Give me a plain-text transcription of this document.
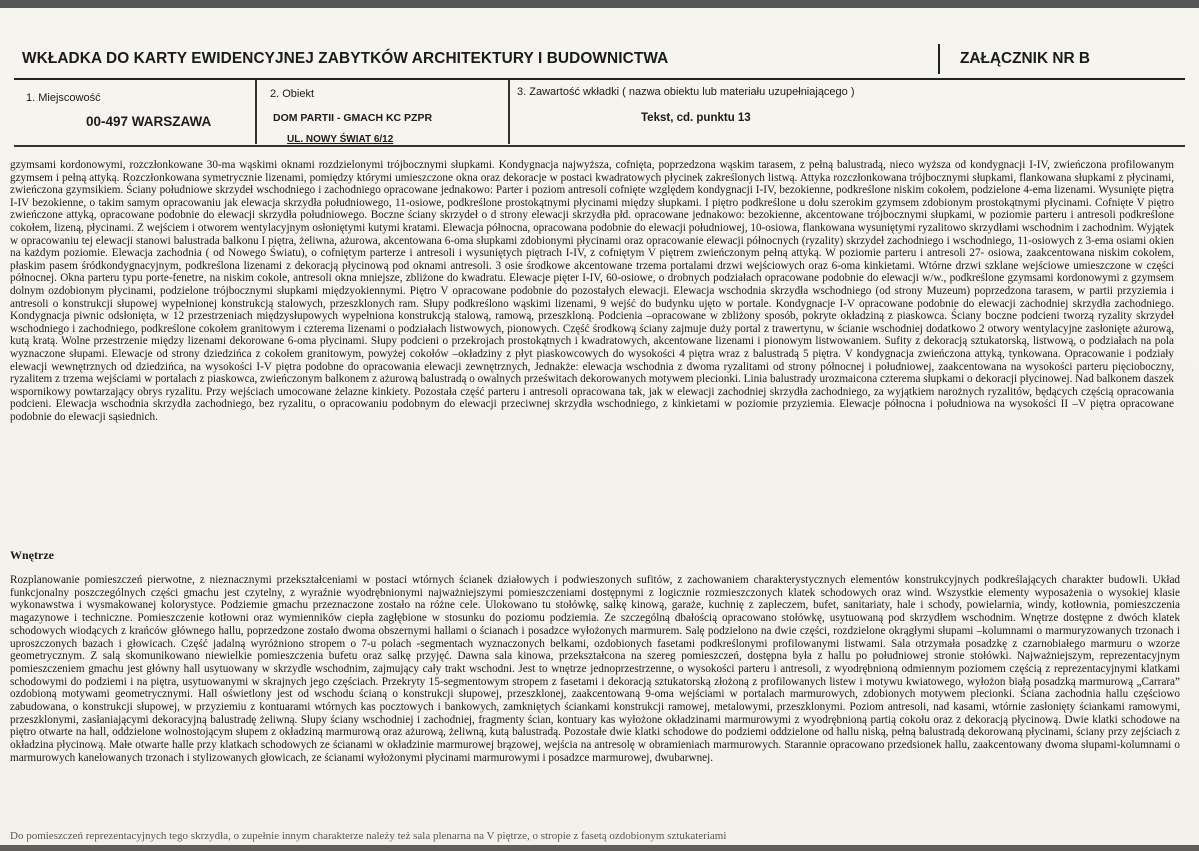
WKŁADKA DO KARTY EWIDENCYJNEJ ZABYTKÓW ARCHITEKTURY I BUDOWNICTWA	ZAŁĄCZNIK NR B
1. Miejscowość
00-497 WARSZAWA
2. Obiekt
DOM PARTII - GMACH KC PZPR
UL. NOWY ŚWIAT 6/12
3. Zawartość wkładki ( nazwa obiektu lub materiału uzupełniającego )
Tekst, cd. punktu 13
gzymsami kordonowymi, rozczłonkowane 30-ma wąskimi oknami rozdzielonymi trójbocznymi słupkami. Kondygnacja najwyższa, cofnięta, poprzedzona wąskim tarasem, z pełną balustradą, nieco wyższa od kondygnacji I-IV, zwieńczona profilowanym gzymsem i pełną attyką. Rozczłonkowana symetrycznie lizenami, pomiędzy którymi umieszczone okna oraz dekoracje w postaci kwadratowych płycinek zakreślonych listwą. Attyka rozczłonkowana trójbocznymi słupkami, flankowana słupkami z płycinami, zwieńczona gzymsikiem. Ściany południowe skrzydeł wschodniego i zachodniego opracowane jednakowo: Parter i poziom antresoli cofnięte względem kondygnacji I-IV, bezokienne, podkreślone niskim cokołem, podzielone 4-ema lizenami. Wysunięte piętra I-IV bezokienne, o takim samym opracowaniu jak elewacja skrzydła południowego, 11-osiowe, podkreślone prostokątnymi płycinami między słupkami. I piętro podkreślone u dołu szerokim gzymsem zdobionym prostokątnymi płycinami. Cofnięte V piętro zwieńczone attyką, opracowane podobnie do elewacji skrzydła południowego. Boczne ściany skrzydeł o d strony elewacji skrzydła płd. opracowane jednakowo: bezokienne, akcentowane trójbocznymi słupkami, w poziomie parteru i antresoli podkreślone cokołem, lizeną, płycinami. Z wejściem i otworem wentylacyjnym osłoniętymi kutymi kratami. Elewacja północna, opracowana podobnie do elewacji południowej, 10-osiowa, flankowana wysuniętymi ryzalitowo skrzydłami wschodnim i zachodnim. Wyjątek w opracowaniu tej elewacji stanowi balustrada balkonu I piętra, żeliwna, ażurowa, akcentowana 6-oma słupkami zdobionymi płycinami oraz opracowanie elewacji północnych (ryzality) skrzydeł zachodniego i wschodniego, 11-osiowych z 3-ema osiami okien na każdym poziomie. Elewacja zachodnia ( od Nowego Światu), o cofniętym parterze i antresoli i wysuniętych piętrach I-IV, z cofniętym V piętrem zwieńczonym pełną attyką. W poziomie parteru i antresoli 27- osiowa, zaakcentowana niskim cokołem, płaskim pasem śródkondygnacyjnym, podkreślona lizenami z dekoracją płycinową pod oknami antresoli. 3 osie środkowe akcentowane trzema portalami drzwi wejściowych oraz 6-oma kinkietami. Wtórne drzwi szklane wejściowe umieszczone w części północnej. Okna parteru typu porte-fenetre, na niskim cokole, antresoli okna mniejsze, zbliżone do kwadratu. Elewacje pięter I-IV, 60-osiowe, o drobnych podziałach opracowane podobnie do elewacji w/w., podkreślone gzymsami kordonowymi z gzymsem dolnym ozdobionym płycinami, podzielone trójbocznymi słupkami międzyokiennymi. Piętro V opracowane podobnie do pozostałych elewacji. Elewacja wschodnia skrzydła wschodniego (od strony Muzeum) poprzedzona tarasem, w partii przyziemia i antresoli o konstrukcji słupowej wypełnionej konstrukcją stalowych, przeszklonych ram. Słupy podkreślono wąskimi lizenami, 9 wejść do budynku ujęto w portale. Kondygnacje I-V opracowane podobnie do elewacji zachodniej skrzydła zachodniego. Kondygnacja piwnic odsłonięta, w 12 przestrzeniach międzysłupowych wypełniona konstrukcją stalową, ramową, przeszkloną. Podcienia –opracowane w zbliżony sposób, pokryte okładziną z piaskowca. Ściany boczne podcieni tworzą ryzality skrzydeł wschodniego i zachodniego, podkreślone cokołem granitowym i czterema lizenami o podziałach listwowych, pionowych. Część środkową ściany zajmuje duży portal z trawertynu, w ścianie wschodniej dodatkowo 2 otwory wentylacyjne zasłonięte ażurową, kutą kratą. Wolne przestrzenie między lizenami dekorowane 6-oma płycinami. Słupy podcieni o przekrojach prostokątnych i kwadratowych, akcentowane lizenami i pionowym listwowaniem. Sufity z dekoracją sztukatorską, listwową, o podziałach na pola wyznaczone słupami. Elewacje od strony dziedzińca z cokołem granitowym, powyżej cokołów –okładziny z płyt piaskowcowych do wysokości 4 piętra wraz z balustradą 5 piętra. V kondygnacja zwieńczona attyką, tynkowana. Opracowanie i podziały elewacji wewnętrznych od dziedzińca, na wysokości I-V piętra podobne do opracowania elewacji zewnętrznych, Jednakże: elewacja wschodnia z dwoma ryzalitami od strony północnej i południowej, zaakcentowana na wysokości parteru pięcioboczny, ryzalitem z trzema wejściami w portalach z piaskowca, zwieńczonym balkonem z ażurową balustradą o owalnych prześwitach dekorowanych motywem plecionki. Linia balustrady urozmaicona czterema słupkami o dekoracji płycinowej. Nad balkonem daszek wspornikowy powtarzający obrys ryzalitu. Przy wejściach umocowane żelazne kinkiety. Pozostała część parteru i antresoli opracowana tak, jak w elewacji zachodniej skrzydła zachodniego, za wyjątkiem narożnych ryzalitów, będących częścią opracowania podcieni. Elewacja wschodnia skrzydła zachodniego, bez ryzalitu, o opracowaniu podobnym do elewacji przeciwnej skrzydła wschodniego, z kinkietami w poziomie przyziemia. Elewacje północna i południowa na wysokości II –V piętra opracowane podobnie do elewacji sąsiednich.
Wnętrze
Rozplanowanie pomieszczeń pierwotne, z nieznacznymi przekształceniami w postaci wtórnych ścianek działowych i podwieszonych sufitów, z zachowaniem charakterystycznych elementów konstrukcyjnych podkreślających charakter budowli. Układ funkcjonalny poszczególnych części gmachu jest czytelny, z wyraźnie wyodrębnionymi najważniejszymi pomieszczeniami dostępnymi z logicznie rozmieszczonych klatek schodowych oraz wind. Wszystkie elementy wyposażenia o wysokiej klasie wykonawstwa i wysmakowanej kolorystyce. Podziemie gmachu przeznaczone zostało na różne cele. Ulokowano tu stołówkę, salkę kinową, garaże, kuchnię z zapleczem, bufet, sanitariaty, hale i schody, powielarnia, windy, kotłownia, pomieszczenia magazynowe i techniczne. Pomieszczenie kotłowni oraz wymienników ciepła zagłębione w stosunku do poziomu podziemia. Ze szczególną dbałością opracowano stołówkę, usytuowaną pod skrzydłem wschodnim. Wnętrze dostępne z dwóch klatek schodowych wiodących z krańców głównego hallu, poprzedzone zostało dwoma obszernymi hallami o ścianach i posadzce wyłożonych marmurem. Salę podzielono na dwie części, rozdzielone okrągłymi słupami –kolumnami o marmuryzowanych trzonach i uproszczonych bazach i głowicach. Część jadalną wyróżniono stropem o 7-u polach -segmentach wyznaczonych belkami, ozdobionych fasetami podkreślonymi profilowanymi listwami. Sala otrzymała posadzkę z czarnobiałego marmuru o wzorze geometrycznym. Z salą skomunikowano niewielkie pomieszczenia bufetu oraz salkę przyjęć. Dawna sala kinowa, przekształcona na szereg pomieszczeń, dostępna była z hallu po południowej stronie stołówki. Najważniejszym, reprezentacyjnym pomieszczeniem gmachu jest główny hall usytuowany w skrzydle wschodnim, zajmujący cały trakt wschodni. Jest to wnętrze jednoprzestrzenne, o wysokości parteru i antresoli, z wyodrębnioną odmiennym poziomem częścią z reprezentacyjnymi klatkami schodowymi do podziemi i na piętra, usytuowanymi w skrajnych jego częściach. Przekryty 15-segmentowym stropem z fasetami i dekoracją sztukatorską złożoną z profilowanych listew i motywu kwiatowego, wyłożon białą posadzką marmurową „Carrara” ozdobioną motywami geometrycznymi. Hall oświetlony jest od wschodu ścianą o konstrukcji słupowej, przeszklonej, zaakcentowaną 9-oma wejściami w portalach marmurowych, zdobionych motywem plecionki. Ściana zachodnia hallu częściowo zabudowana, o konstrukcji słupowej, w przyziemiu z kontuarami wtórnych kas pocztowych i bankowych, zamkniętych ściankami konstrukcji ramowej, metalowymi, przeszklonymi. Poziom antresoli, nad kasami, wtórnie zasłonięty ściankami ramowymi, przeszklonymi, zasłaniającymi dekoracyjną balustradę żeliwną. Słupy ściany wschodniej i zachodniej, fragmenty ścian, kontuary kas wyłożone okładzinami marmurowymi z wyodrębnioną partią cokołu oraz z dekoracją płycinową. Dwie klatki schodowe na piętro otwarte na hall, oddzielone wolnostojącym słupem z okładziną marmurową oraz ażurową, żeliwną, kutą balustradą. Pozostałe dwie klatki schodowe do podziemi oddzielone od hallu niską, pełną balustradą dekorowaną płycinami, ściany przy zejściach z okładzina płycinową. Małe otwarte halle przy klatkach schodowych ze ścianami w okładzinie marmurowej brązowej, wejścia na antresolę w obramieniach marmurowych. Starannie opracowano przedsionek hallu, zaakcentowany dwoma słupami-kolumnami o marmurowych kanelowanych trzonach i stylizowanych głowicach, ze ścianami wyłożonymi płycinami marmurowymi i posadzce marmurowej, dwubarwnej.
Do pomieszczeń reprezentacyjnych tego skrzydła, o zupełnie innym charakterze należy też sala plenarna na V piętrze, o stropie z fasetą ozdobionym sztukateriami
